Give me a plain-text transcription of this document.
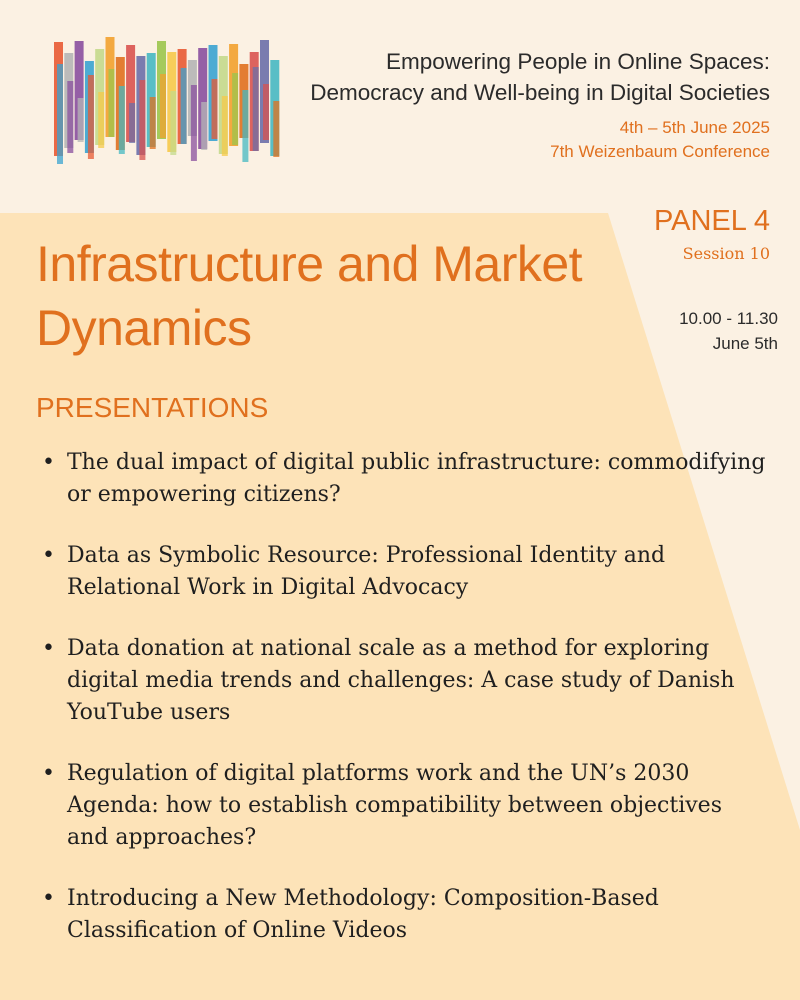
Empowering People in Online Spaces:
Democracy and Well-being in Digital Societies
4th – 5th June 2025
7th Weizenbaum Conference
PANEL 4
Session 10
10.00 - 11.30
June 5th
Infrastructure and Market Dynamics
PRESENTATIONS
• The dual impact of digital public infrastructure: commodifying or empowering citizens?
• Data as Symbolic Resource: Professional Identity and Relational Work in Digital Advocacy
• Data donation at national scale as a method for exploring digital media trends and challenges: A case study of Danish YouTube users
• Regulation of digital platforms work and the UN’s 2030 Agenda: how to establish compatibility between objectives and approaches?
• Introducing a New Methodology: Composition-Based Classification of Online Videos
